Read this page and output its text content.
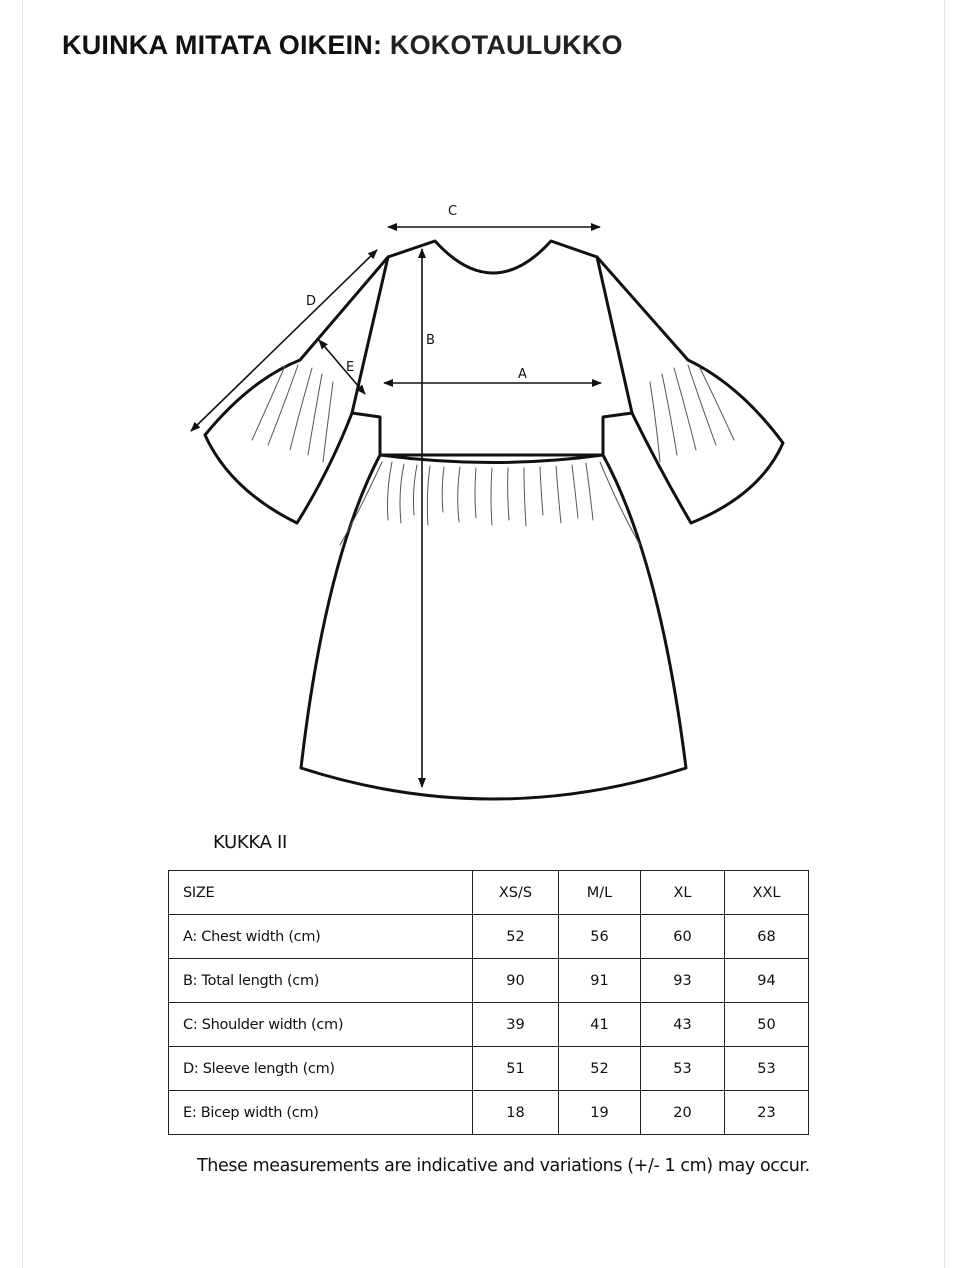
KUINKA MITATA OIKEIN: KOKOTAULUKKO
C
D
E
B
A
KUKKA II
SIZE	XS/S	M/L	XL	XXL
A: Chest width (cm)	52	56	60	68
B: Total length (cm)	90	91	93	94
C: Shoulder width (cm)	39	41	43	50
D: Sleeve length (cm)	51	52	53	53
E: Bicep width (cm)	18	19	20	23
These measurements are indicative and variations (+/- 1 cm) may occur.
